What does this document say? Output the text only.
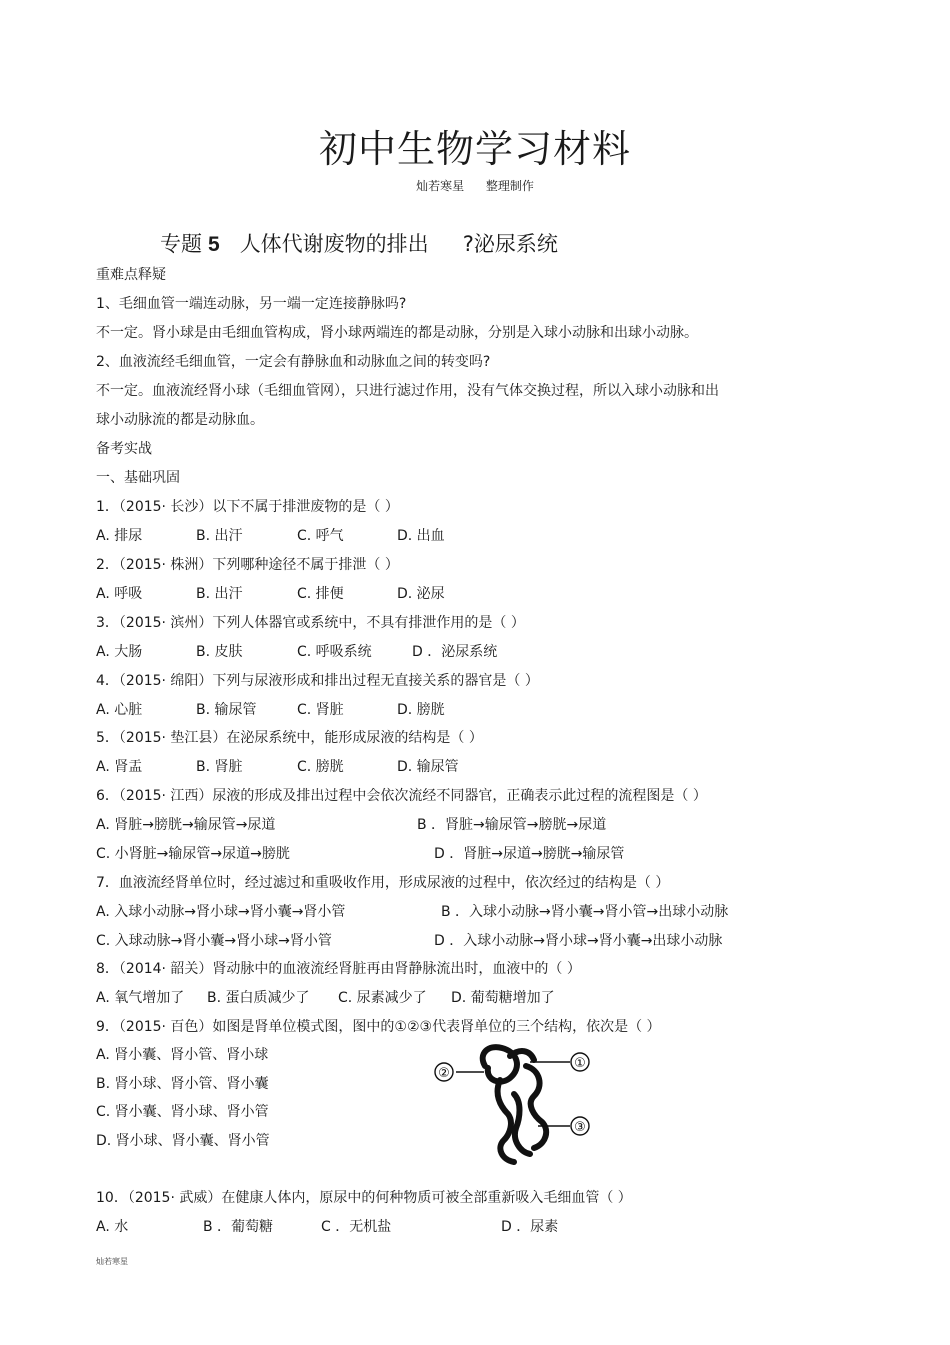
初中生物学习材料
灿若寒星 整理制作
专题 5 人体代谢废物的排出 ?泌尿系统
重难点释疑
1、毛细血管一端连动脉，另一端一定连接静脉吗?
不一定。肾小球是由毛细血管构成，肾小球两端连的都是动脉，分别是入球小动脉和出球小动脉。
2、血液流经毛细血管，一定会有静脉血和动脉血之间的转变吗?
不一定。血液流经肾小球（毛细血管网），只进行滤过作用，没有气体交换过程，所以入球小动脉和出
球小动脉流的都是动脉血。
备考实战
一、基础巩固
1．（2015· 长沙）以下不属于排泄废物的是（ ）
A. 排尿	B. 出汗	C. 呼气	D. 出血
2．（2015· 株洲）下列哪种途径不属于排泄（ ）
A. 呼吸	B. 出汗	C. 排便	D. 泌尿
3．（2015· 滨州）下列人体器官或系统中，不具有排泄作用的是（ ）
A. 大肠	B. 皮肤	C. 呼吸系统	D ．泌尿系统
4．（2015· 绵阳）下列与尿液形成和排出过程无直接关系的器官是（ ）
A. 心脏	B. 输尿管	C. 肾脏	D. 膀胱
5．（2015· 垫江县）在泌尿系统中，能形成尿液的结构是（ ）
A. 肾盂	B. 肾脏	C. 膀胱	D. 输尿管
6．（2015· 江西）尿液的形成及排出过程中会依次流经不同器官，正确表示此过程的流程图是（ ）
A. 肾脏→膀胱→输尿管→尿道	B ．肾脏→输尿管→膀胱→尿道
C. 小肾脏→输尿管→尿道→膀胱	D ．肾脏→尿道→膀胱→输尿管
7．血液流经肾单位时，经过滤过和重吸收作用，形成尿液的过程中，依次经过的结构是（ ）
A. 入球小动脉→肾小球→肾小囊→肾小管	B ．入球小动脉→肾小囊→肾小管→出球小动脉
C. 入球动脉→肾小囊→肾小球→肾小管	D ．入球小动脉→肾小球→肾小囊→出球小动脉
8．（2014· 韶关）肾动脉中的血液流经肾脏再由肾静脉流出时，血液中的（ ）
A. 氧气增加了 B. 蛋白质减少了 C. 尿素减少了 D. 葡萄糖增加了
9．（2015· 百色）如图是肾单位模式图，图中的①②③代表肾单位的三个结构，依次是（ ）
A. 肾小囊、肾小管、肾小球
B. 肾小球、肾小管、肾小囊
C. 肾小囊、肾小球、肾小管
D. 肾小球、肾小囊、肾小管
①
②
③
10．（2015· 武威）在健康人体内，原尿中的何种物质可被全部重新吸入毛细血管（ ）
A. 水	B ．葡萄糖	C ．无机盐	D ．尿素
灿若寒星
